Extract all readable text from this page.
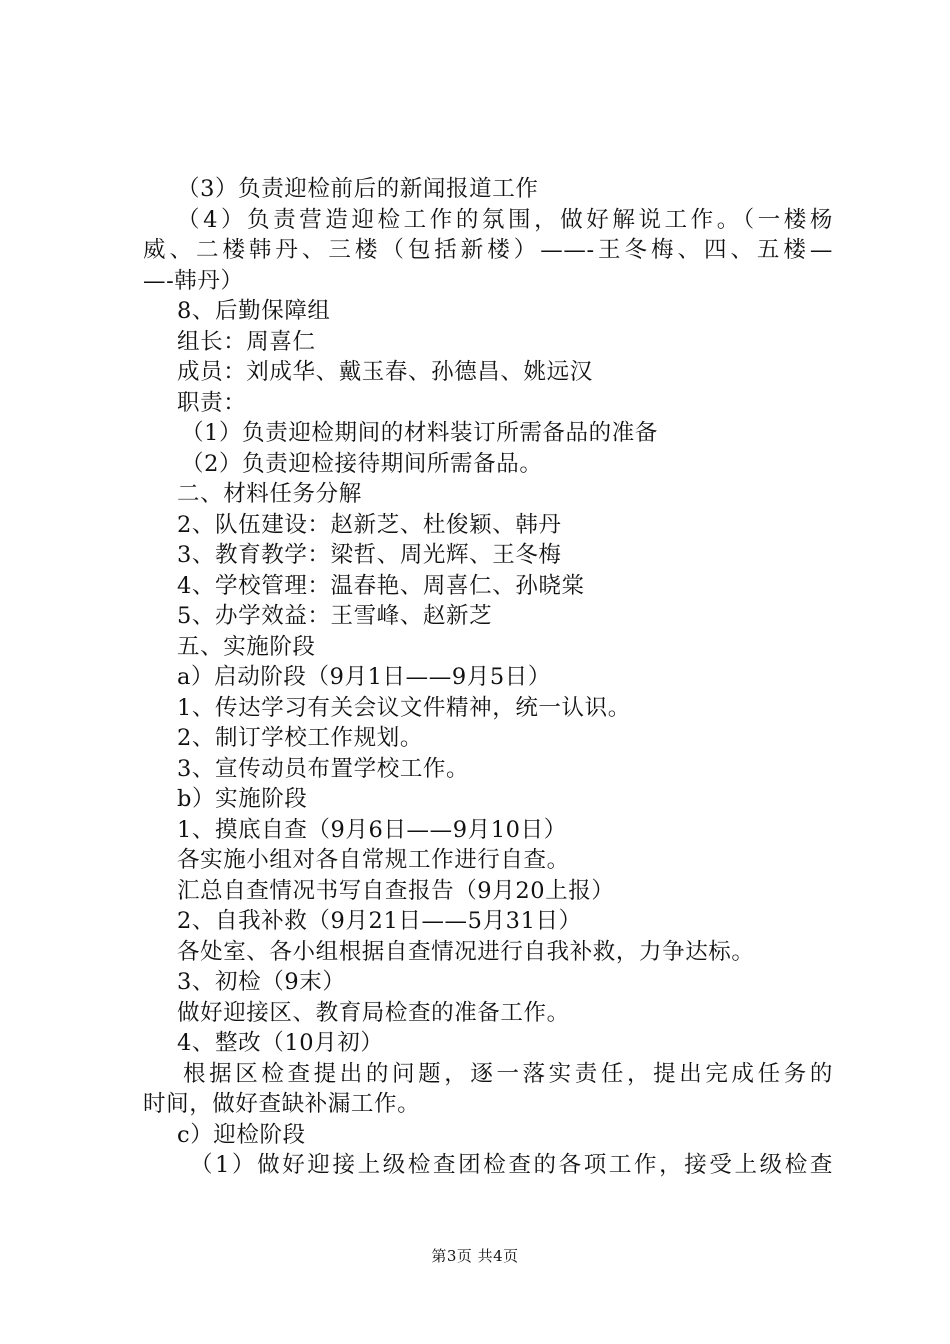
（3）负责迎检前后的新闻报道工作
（4）负责营造迎检工作的氛围，做好解说工作。（一楼杨
威、二楼韩丹、三楼（包括新楼）——-王冬梅、四、五楼—
—-韩丹）
8、后勤保障组
组长：周喜仁
成员：刘成华、戴玉春、孙德昌、姚远汉
职责：
（1）负责迎检期间的材料装订所需备品的准备
（2）负责迎检接待期间所需备品。
二、材料任务分解
2、队伍建设：赵新芝、杜俊颖、韩丹
3、教育教学：梁哲、周光辉、王冬梅
4、学校管理：温春艳、周喜仁、孙晓棠
5、办学效益：王雪峰、赵新芝
五、实施阶段
a）启动阶段（9月1日——9月5日）
1、传达学习有关会议文件精神，统一认识。
2、制订学校工作规划。
3、宣传动员布置学校工作。
b）实施阶段
1、摸底自查（9月6日——9月10日）
各实施小组对各自常规工作进行自查。
汇总自查情况书写自查报告（9月20上报）
2、自我补救（9月21日——5月31日）
各处室、各小组根据自查情况进行自我补救，力争达标。
3、初检（9末）
做好迎接区、教育局检查的准备工作。
4、整改（10月初）
根据区检查提出的问题，逐一落实责任，提出完成任务的
时间，做好查缺补漏工作。
c）迎检阶段
（1）做好迎接上级检查团检查的各项工作，接受上级检查
第3页 共4页
